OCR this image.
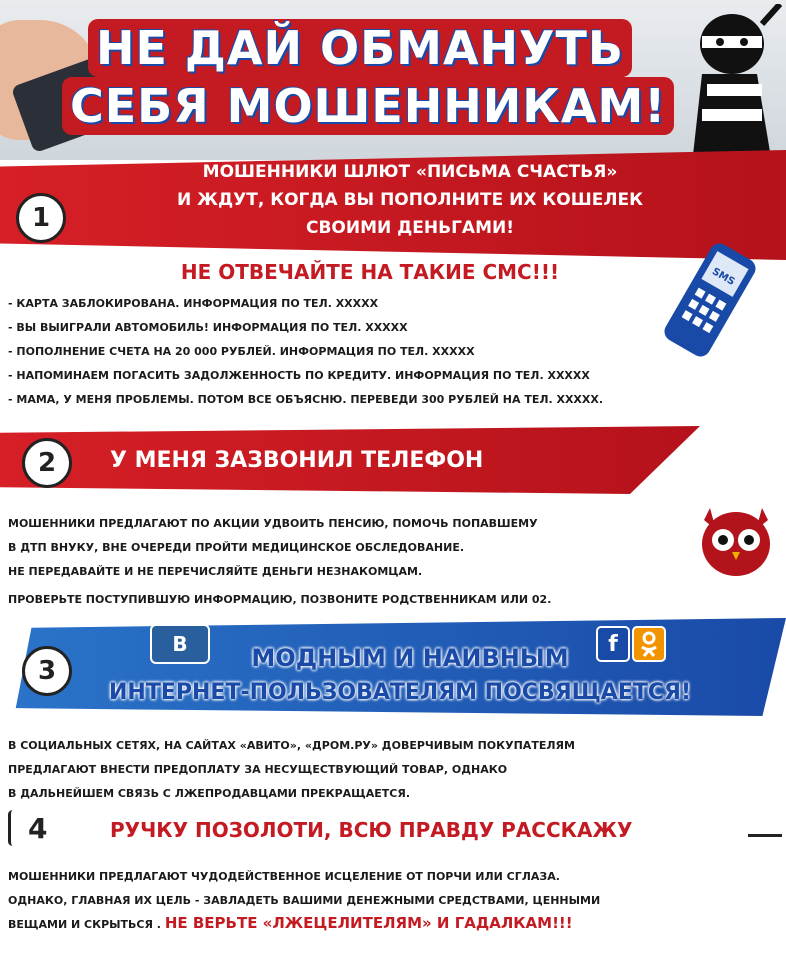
НЕ ДАЙ ОБМАНУТЬ
СЕБЯ МОШЕННИКАМ!
1
МОШЕННИКИ ШЛЮТ «ПИСЬМА СЧАСТЬЯ»
И ЖДУТ, КОГДА ВЫ ПОПОЛНИТЕ ИХ КОШЕЛЕК
СВОИМИ ДЕНЬГАМИ!
НЕ ОТВЕЧАЙТЕ НА ТАКИЕ СМС!!!
- КАРТА ЗАБЛОКИРОВАНА. ИНФОРМАЦИЯ ПО ТЕЛ. ХХХХХ
- ВЫ ВЫИГРАЛИ АВТОМОБИЛЬ! ИНФОРМАЦИЯ ПО ТЕЛ. ХХХХХ
- ПОПОЛНЕНИЕ СЧЕТА НА 20 000 РУБЛЕЙ. ИНФОРМАЦИЯ ПО ТЕЛ. ХХХХХ
- НАПОМИНАЕМ ПОГАСИТЬ ЗАДОЛЖЕННОСТЬ ПО КРЕДИТУ. ИНФОРМАЦИЯ ПО ТЕЛ. ХХХХХ
- МАМА, У МЕНЯ ПРОБЛЕМЫ. ПОТОМ ВСЕ ОБЪЯСНЮ. ПЕРЕВЕДИ 300 РУБЛЕЙ НА ТЕЛ. ХХХХХ.
SMS
2	У МЕНЯ ЗАЗВОНИЛ ТЕЛЕФОН
МОШЕННИКИ ПРЕДЛАГАЮТ ПО АКЦИИ УДВОИТЬ ПЕНСИЮ, ПОМОЧЬ ПОПАВШЕМУ
В ДТП ВНУКУ, ВНЕ ОЧЕРЕДИ ПРОЙТИ МЕДИЦИНСКОЕ ОБСЛЕДОВАНИЕ.
НЕ ПЕРЕДАВАЙТЕ И НЕ ПЕРЕЧИСЛЯЙТЕ ДЕНЬГИ НЕЗНАКОМЦАМ.
ПРОВЕРЬТЕ ПОСТУПИВШУЮ ИНФОРМАЦИЮ, ПОЗВОНИТЕ РОДСТВЕННИКАМ ИЛИ 02.
3
В	МОДНЫМ И НАИВНЫМ	f
ИНТЕРНЕТ-ПОЛЬЗОВАТЕЛЯМ ПОСВЯЩАЕТСЯ!
В СОЦИАЛЬНЫХ СЕТЯХ, НА САЙТАХ «АВИТО», «ДРОМ.РУ» ДОВЕРЧИВЫМ ПОКУПАТЕЛЯМ
ПРЕДЛАГАЮТ ВНЕСТИ ПРЕДОПЛАТУ ЗА НЕСУЩЕСТВУЮЩИЙ ТОВАР, ОДНАКО
В ДАЛЬНЕЙШЕМ СВЯЗЬ С ЛЖЕПРОДАВЦАМИ ПРЕКРАЩАЕТСЯ.
4	РУЧКУ ПОЗОЛОТИ, ВСЮ ПРАВДУ РАССКАЖУ
МОШЕННИКИ ПРЕДЛАГАЮТ ЧУДОДЕЙСТВЕННОЕ ИСЦЕЛЕНИЕ ОТ ПОРЧИ ИЛИ СГЛАЗА.
ОДНАКО, ГЛАВНАЯ ИХ ЦЕЛЬ - ЗАВЛАДЕТЬ ВАШИМИ ДЕНЕЖНЫМИ СРЕДСТВАМИ, ЦЕННЫМИ
ВЕЩАМИ И СКРЫТЬСЯ . НЕ ВЕРЬТЕ «ЛЖЕЦЕЛИТЕЛЯМ» И ГАДАЛКАМ!!!
